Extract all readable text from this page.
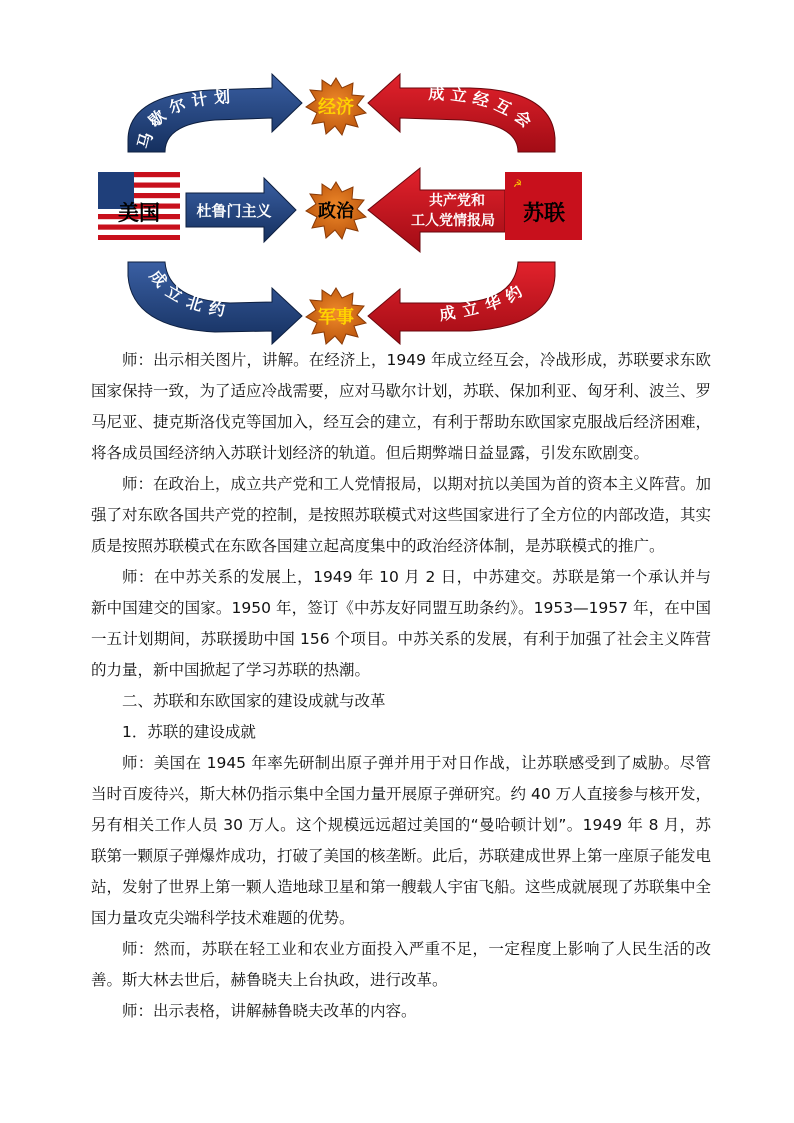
马歇尔计划
经济
成立经互会
美国 杜鲁门主义	政治	共产党和
工人党情报局
☭
苏联
成立北约	军事	成立华约

师：出示相关图片，讲解。在经济上，1949 年成立经互会，冷战形成，苏联要求东欧国家保持一致，为了适应冷战需要，应对马歇尔计划，苏联、保加利亚、匈牙利、波兰、罗马尼亚、捷克斯洛伐克等国加入，经互会的建立，有利于帮助东欧国家克服战后经济困难，将各成员国经济纳入苏联计划经济的轨道。但后期弊端日益显露，引发东欧剧变。

师：在政治上，成立共产党和工人党情报局，以期对抗以美国为首的资本主义阵营。加强了对东欧各国共产党的控制，是按照苏联模式对这些国家进行了全方位的内部改造，其实质是按照苏联模式在东欧各国建立起高度集中的政治经济体制，是苏联模式的推广。

师：在中苏关系的发展上，1949 年 10 月 2 日，中苏建交。苏联是第一个承认并与新中国建交的国家。1950 年，签订《中苏友好同盟互助条约》。1953—1957 年，在中国一五计划期间，苏联援助中国 156 个项目。中苏关系的发展，有利于加强了社会主义阵营的力量，新中国掀起了学习苏联的热潮。

二、苏联和东欧国家的建设成就与改革

1．苏联的建设成就

师：美国在 1945 年率先研制出原子弹并用于对日作战，让苏联感受到了威胁。尽管当时百废待兴，斯大林仍指示集中全国力量开展原子弹研究。约 40 万人直接参与核开发，另有相关工作人员 30 万人。这个规模远远超过美国的“曼哈顿计划”。1949 年 8 月，苏联第一颗原子弹爆炸成功，打破了美国的核垄断。此后，苏联建成世界上第一座原子能发电站，发射了世界上第一颗人造地球卫星和第一艘载人宇宙飞船。这些成就展现了苏联集中全国力量攻克尖端科学技术难题的优势。

师：然而，苏联在轻工业和农业方面投入严重不足，一定程度上影响了人民生活的改善。斯大林去世后，赫鲁晓夫上台执政，进行改革。

师：出示表格，讲解赫鲁晓夫改革的内容。
